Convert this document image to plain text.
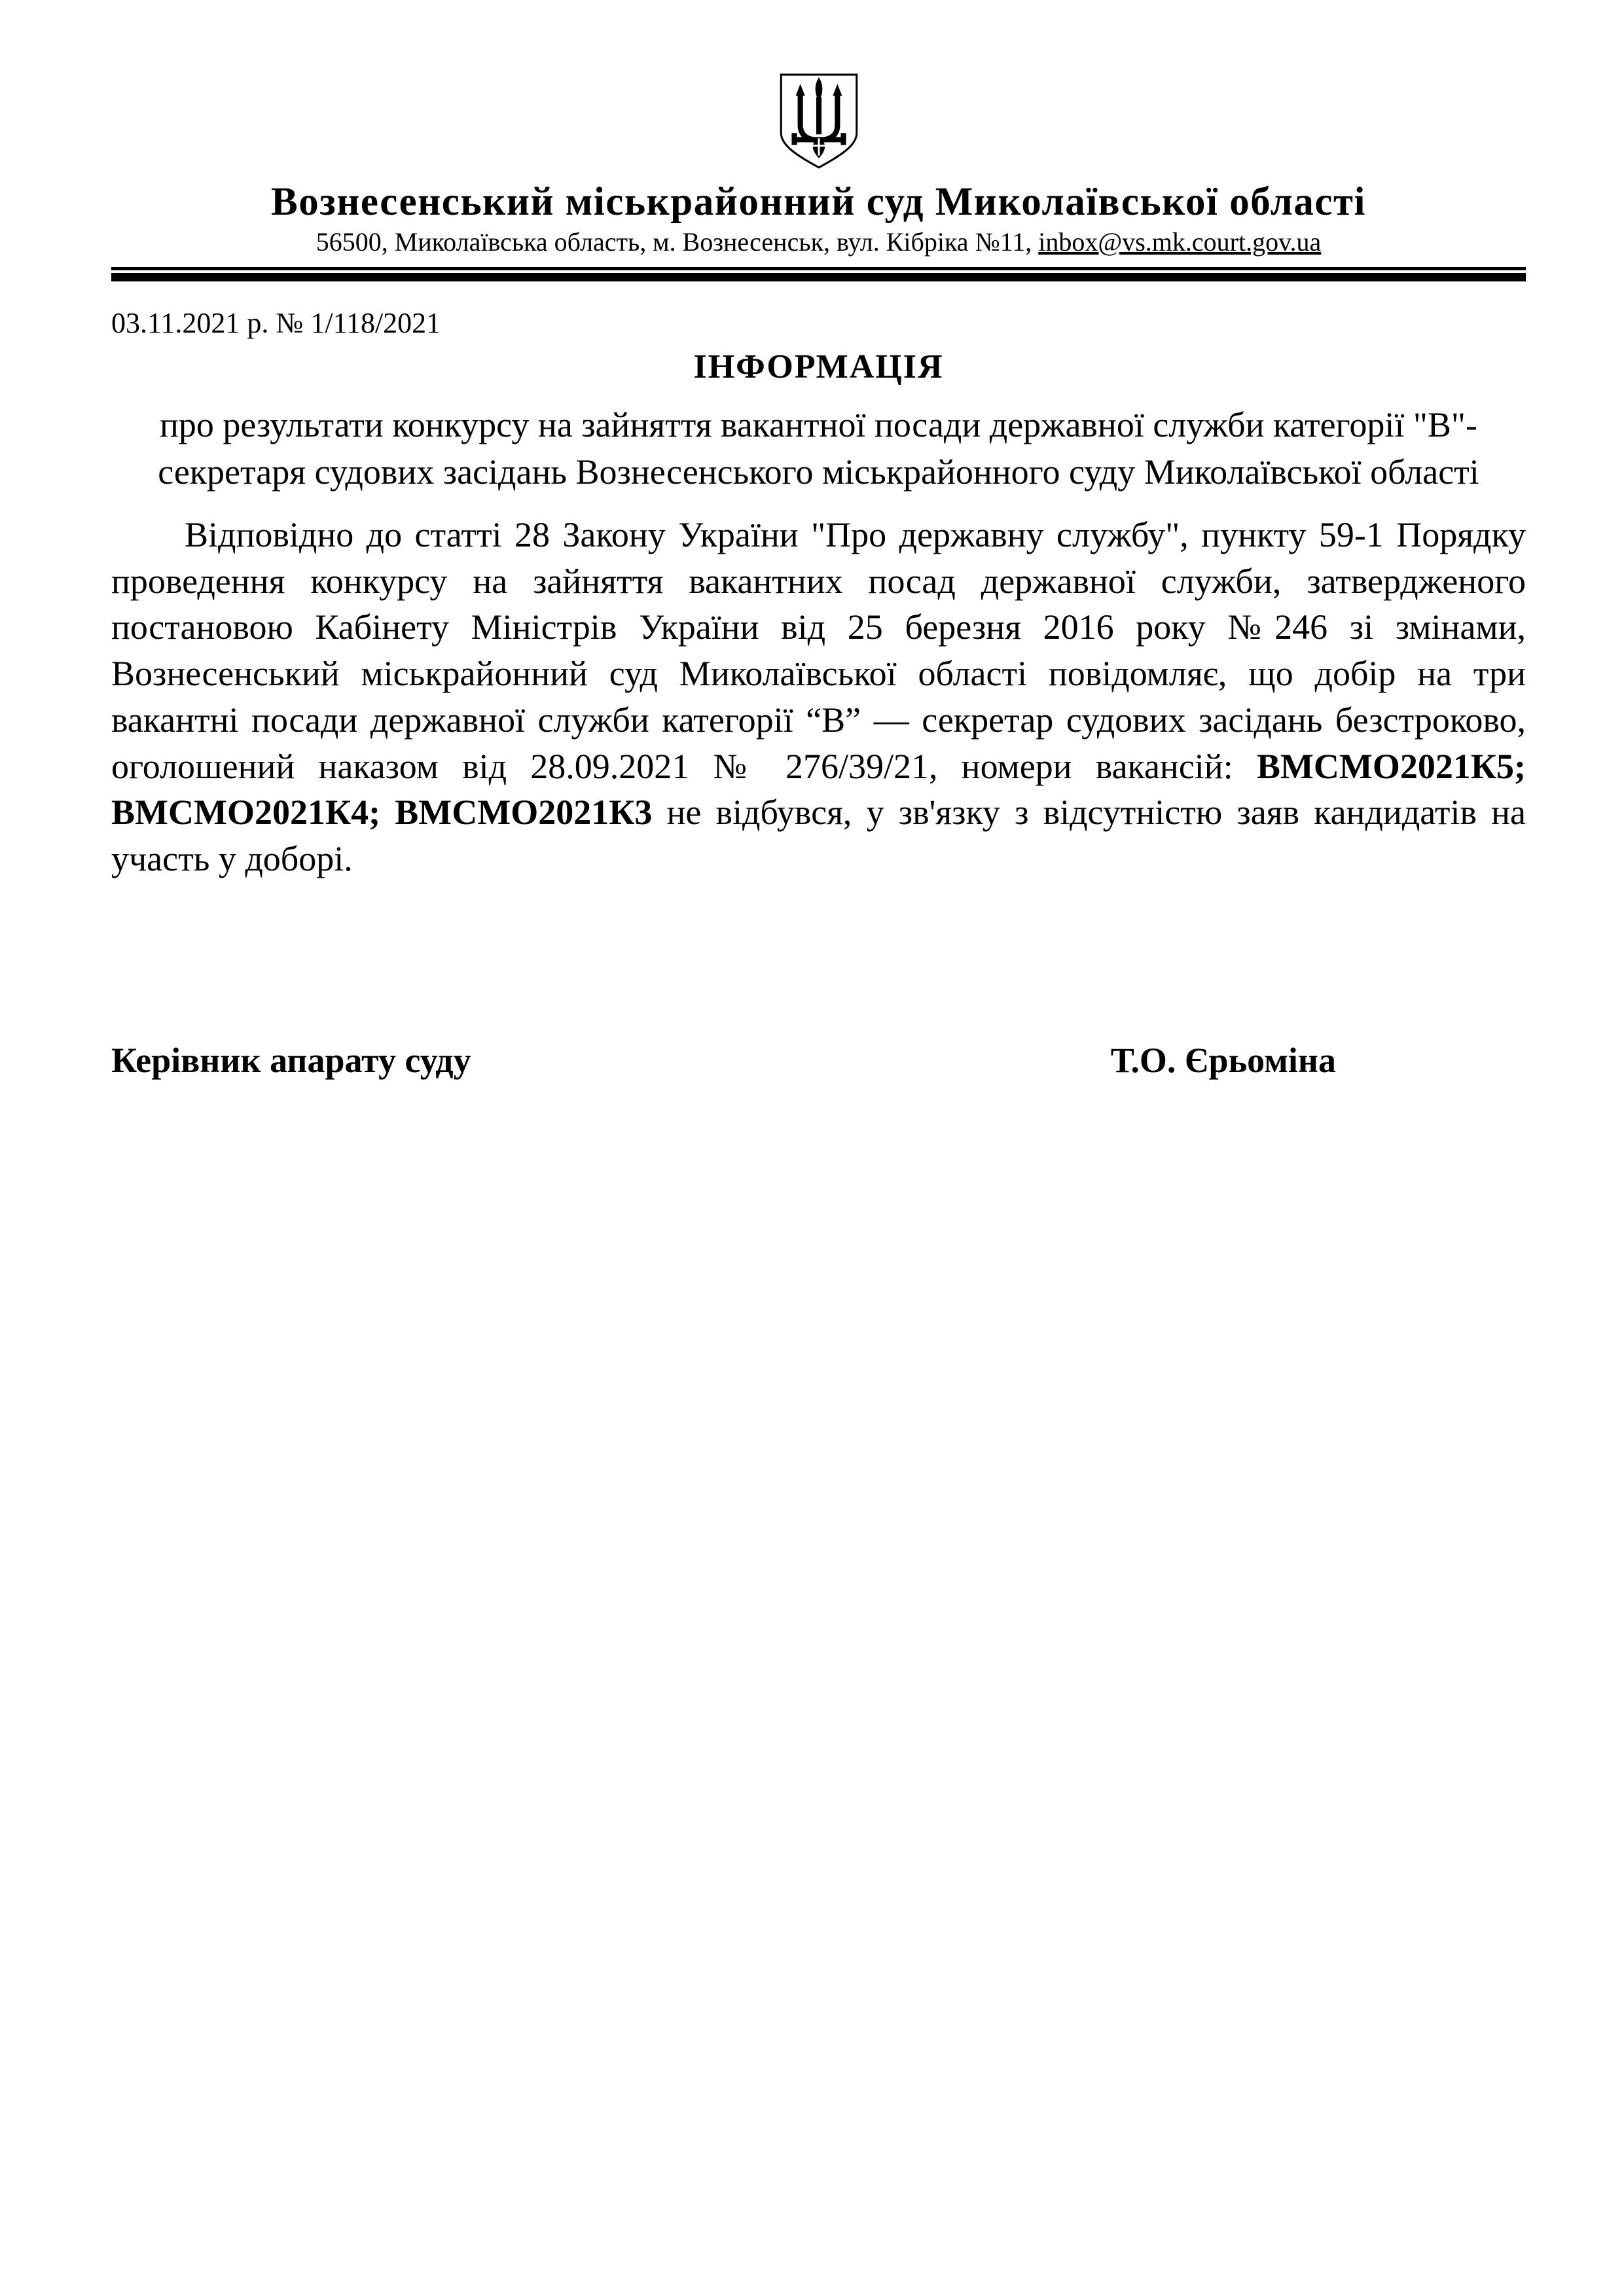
Вознесенський міськрайонний суд Миколаївської області
56500, Миколаївська область, м. Вознесенськ, вул. Кібріка №11, inbox@vs.mk.court.gov.ua
03.11.2021 р. № 1/118/2021
ІНФОРМАЦІЯ
про результати конкурсу на зайняття вакантної посади державної служби категорії "В"- секретаря судових засідань Вознесенського міськрайонного суду Миколаївської області
Відповідно до статті 28 Закону України "Про державну службу", пункту 59-1 Порядку проведення конкурсу на зайняття вакантних посад державної служби, затвердженого постановою Кабінету Міністрів України від 25 березня 2016 року №246 зі змінами, Вознесенський міськрайонний суд Миколаївської області повідомляє, що добір на три вакантні посади державної служби категорії “В” — секретар судових засідань безстроково, оголошений наказом від 28.09.2021 № 276/39/21, номери вакансій: ВМСМО2021К5; ВМСМО2021К4; ВМСМО2021К3 не відбувся, у зв'язку з відсутністю заяв кандидатів на участь у доборі.
Керівник апарату суду	Т.О. Єрьоміна
